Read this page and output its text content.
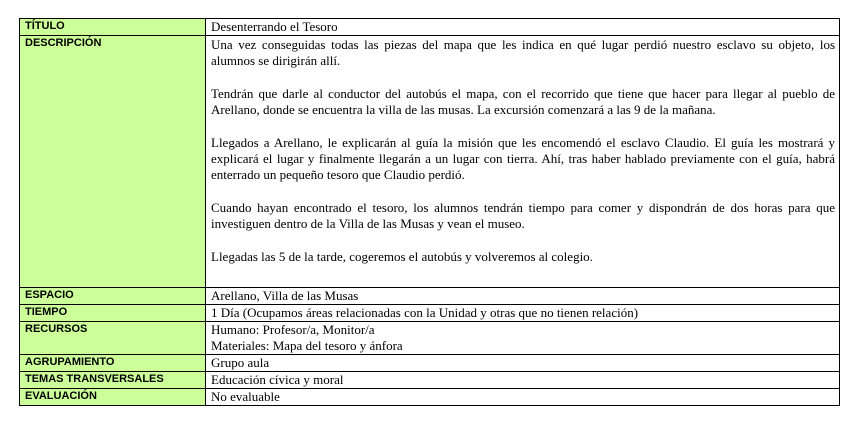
TÍTULO	Desenterrando el Tesoro
DESCRIPCIÓN	Una vez conseguidas todas las piezas del mapa que les indica en qué lugar perdió nuestro esclavo su objeto, los alumnos se dirigirán allí.

Tendrán que darle al conductor del autobús el mapa, con el recorrido que tiene que hacer para llegar al pueblo de Arellano, donde se encuentra la villa de las musas. La excursión comenzará a las 9 de la mañana.

Llegados a Arellano, le explicarán al guía la misión que les encomendó el esclavo Claudio. El guía les mostrará y explicará el lugar y finalmente llegarán a un lugar con tierra. Ahí, tras haber hablado previamente con el guía, habrá enterrado un pequeño tesoro que Claudio perdió.

Cuando hayan encontrado el tesoro, los alumnos tendrán tiempo para comer y dispondrán de dos horas para que investiguen dentro de la Villa de las Musas y vean el museo.

Llegadas las 5 de la tarde, cogeremos el autobús y volveremos al colegio.

ESPACIO	Arellano, Villa de las Musas
TIEMPO	1 Día (Ocupamos áreas relacionadas con la Unidad y otras que no tienen relación)
RECURSOS	Humano: Profesor/a, Monitor/a
Materiales: Mapa del tesoro y ánfora

AGRUPAMIENTO	Grupo aula
TEMAS TRANSVERSALES	Educación cívica y moral
EVALUACIÓN	No evaluable
